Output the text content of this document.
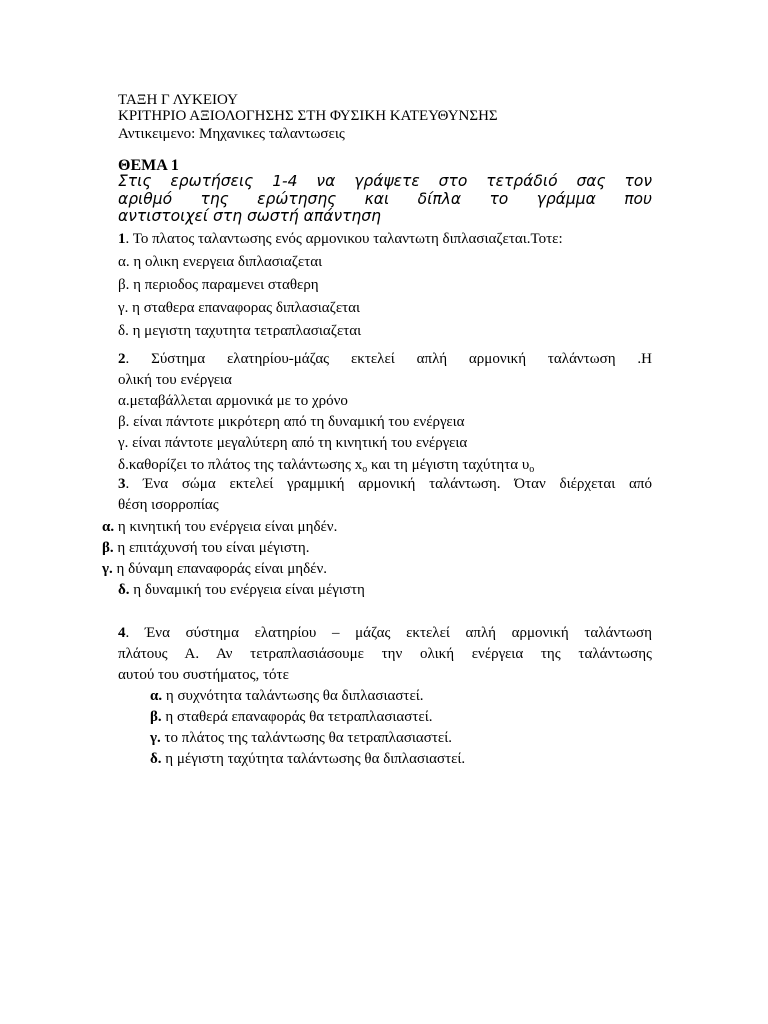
ΤΑΞΗ Γ ΛΥΚΕΙΟΥ
ΚΡΙΤΗΡΙΟ ΑΞΙΟΛΟΓΗΣΗΣ ΣΤΗ ΦΥΣΙΚΗ ΚΑΤΕΥΘΥΝΣΗΣ
Αντικειμενο: Μηχανικες ταλαντωσεις
ΘΕΜΑ 1
Στις ερωτήσεις 1-4 να γράψετε στο τετράδιό σας τον
αριθμό της ερώτησης και δίπλα το γράμμα που
αντιστοιχεί στη σωστή απάντηση
1. Το πλατος ταλαντωσης ενός αρμονικου ταλαντωτη διπλασιαζεται.Τοτε:
α. η ολικη ενεργεια διπλασιαζεται
β. η περιοδος παραμενει σταθερη
γ. η σταθερα επαναφορας διπλασιαζεται
δ. η μεγιστη ταχυτητα τετραπλασιαζεται
2. Σύστημα ελατηρίου-μάζας εκτελεί απλή αρμονική ταλάντωση .Η
ολική του ενέργεια
α.μεταβάλλεται αρμονικά με το χρόνο
β. είναι πάντοτε μικρότερη από τη δυναμική του ενέργεια
γ. είναι πάντοτε μεγαλύτερη από τη κινητική του ενέργεια
δ.καθορίζει το πλάτος της ταλάντωσης $x_o$ και τη μέγιστη ταχύτητα $\upsilon_o$
3. Ένα σώμα εκτελεί γραμμική αρμονική ταλάντωση. Όταν διέρχεται από
θέση ισορροπίας
α. η κινητική του ενέργεια είναι μηδέν.
β. η επιτάχυνσή του είναι μέγιστη.
γ. η δύναμη επαναφοράς είναι μηδέν.
δ. η δυναμική του ενέργεια είναι μέγιστη
4. Ένα σύστημα ελατηρίου – μάζας εκτελεί απλή αρμονική ταλάντωση
πλάτους Α. Αν τετραπλασιάσουμε την ολική ενέργεια της ταλάντωσης
αυτού του συστήματος, τότε
α. η συχνότητα ταλάντωσης θα διπλασιαστεί.
β. η σταθερά επαναφοράς θα τετραπλασιαστεί.
γ. το πλάτος της ταλάντωσης θα τετραπλασιαστεί.
δ. η μέγιστη ταχύτητα ταλάντωσης θα διπλασιαστεί.
